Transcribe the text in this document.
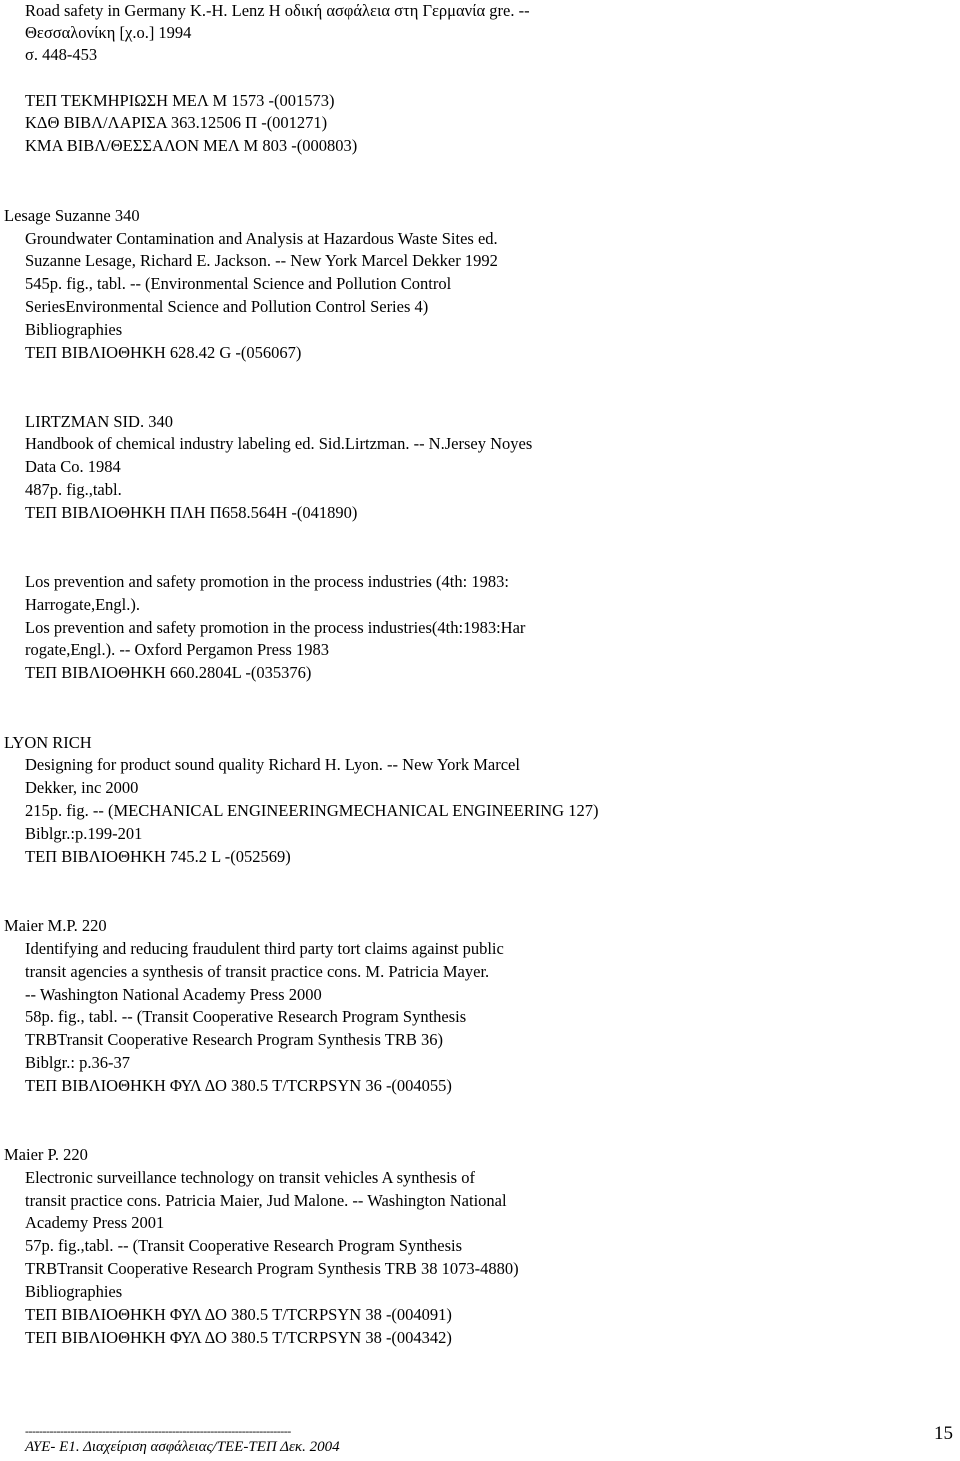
Road safety in Germany K.-H. Lenz H οδική ασφάλεια στη Γερμανία gre. --
Θεσσαλονίκη [χ.ο.] 1994
σ. 448-453
ΤΕΠ ΤΕΚΜΗΡΙΩΣΗ ΜΕΛ Μ 1573 -(001573)
ΚΔΘ ΒΙΒΛ/ΛΑΡΙΣΑ 363.12506 Π -(001271)
ΚΜΑ ΒΙΒΛ/ΘΕΣΣΑΛΟΝ ΜΕΛ Μ 803 -(000803)
Lesage Suzanne 340
Groundwater Contamination and Analysis at Hazardous Waste Sites ed.
Suzanne Lesage, Richard E. Jackson. -- New York Marcel Dekker 1992
545p. fig., tabl. -- (Environmental Science and Pollution Control
SeriesEnvironmental Science and Pollution Control Series 4)
Bibliographies
ΤΕΠ ΒΙΒΛΙΟΘΗΚΗ 628.42 G -(056067)
LIRTZMAN SID. 340
Handbook of chemical industry labeling ed. Sid.Lirtzman. -- N.Jersey Noyes
Data Co. 1984
487p. fig.,tabl.
ΤΕΠ ΒΙΒΛΙΟΘΗΚΗ ΠΛΗ Π658.564H -(041890)
Los prevention and safety promotion in the process industries (4th: 1983:
Harrogate,Engl.).
Los prevention and safety promotion in the process industries(4th:1983:Har
rogate,Engl.). -- Oxford Pergamon Press 1983
ΤΕΠ ΒΙΒΛΙΟΘΗΚΗ 660.2804L -(035376)
LYON RICH
Designing for product sound quality Richard H. Lyon. -- New York Marcel
Dekker, inc 2000
215p. fig. -- (MECHANICAL ENGINEERINGMECHANICAL ENGINEERING 127)
Biblgr.:p.199-201
ΤΕΠ ΒΙΒΛΙΟΘΗΚΗ 745.2 L -(052569)
Maier M.P. 220
Identifying and reducing fraudulent third party tort claims against public
transit agencies a synthesis of transit practice cons. M. Patricia Mayer.
-- Washington National Academy Press 2000
58p. fig., tabl. -- (Transit Cooperative Research Program Synthesis
TRBTransit Cooperative Research Program Synthesis TRB 36)
Biblgr.: p.36-37
ΤΕΠ ΒΙΒΛΙΟΘΗΚΗ ΦΥΛ ΔΟ 380.5 T/TCRPSYN 36 -(004055)
Maier P. 220
Electronic surveillance technology on transit vehicles A synthesis of
transit practice cons. Patricia Maier, Jud Malone. -- Washington National
Academy Press 2001
57p. fig.,tabl. -- (Transit Cooperative Research Program Synthesis
TRBTransit Cooperative Research Program Synthesis TRB 38 1073-4880)
Bibliographies
ΤΕΠ ΒΙΒΛΙΟΘΗΚΗ ΦΥΛ ΔΟ 380.5 T/TCRPSYN 38 -(004091)
ΤΕΠ ΒΙΒΛΙΟΘΗΚΗ ΦΥΛ ΔΟ 380.5 T/TCRPSYN 38 -(004342)
----------------------------------------------------------------------------
ΑΥΕ- Ε1. Διαχείριση ασφάλειας/ΤΕΕ-ΤΕΠ Δεκ. 2004
15
